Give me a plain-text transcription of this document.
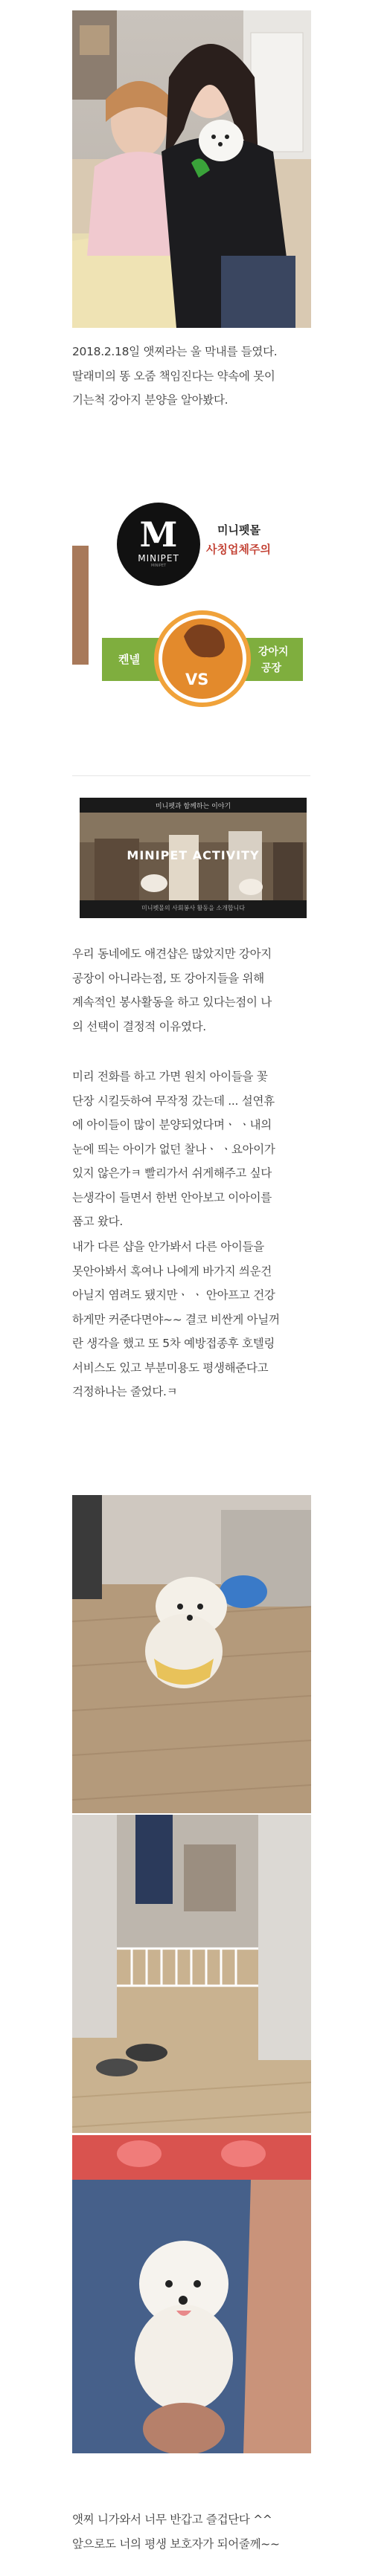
2018.2.18일 앳찌라는 울 막내를 들였다.
딸래미의 똥 오줌 책임진다는 약속에 못이
기는척 강아지 분양을 알아봤다.
M
MINIPET
MINIPET
미니펫몰
사칭업체주의
켄넬
VS
강아지
공장
미니펫과 함께하는 이야기
MINIPET ACTIVITY
미니펫몰의 사회봉사 활동을 소개합니다
우리 동네에도 애견샵은 많았지만 강아지
공장이 아니라는점, 또 강아지들을 위해
계속적인 봉사활동을 하고 있다는점이 나
의 선택이 결정적 이유였다.
미리 전화를 하고 가면 원치 아이들을 꽃
단장 시킬듯하여 무작정 갔는데 ... 설연휴
에 아이들이 많이 분양되었다며ㆍ ㆍ내의
눈에 띄는 아이가 없던 찰나ㆍ ㆍ요아이가
있지 않은가ㅋ 빨리가서 쉬게해주고 싶다
는생각이 들면서 한번 안아보고 이아이를
품고 왔다.
내가 다른 샵을 안가봐서 다른 아이들을
못안아봐서 혹여나 나에게 바가지 씌운건
아닐지 염려도 됐지만ㆍ ㆍ 안아프고 건강
하게만 커준다면야~~ 결코 비싼게 아닐꺼
란 생각을 했고 또 5차 예방접종후 호텔링
서비스도 있고 부분미용도 평생해준다고
걱정하나는 줄었다.ㅋ
앳찌 니가와서 너무 반갑고 즐겁단다 ^^
앞으로도 너의 평생 보호자가 되어줄께~~
